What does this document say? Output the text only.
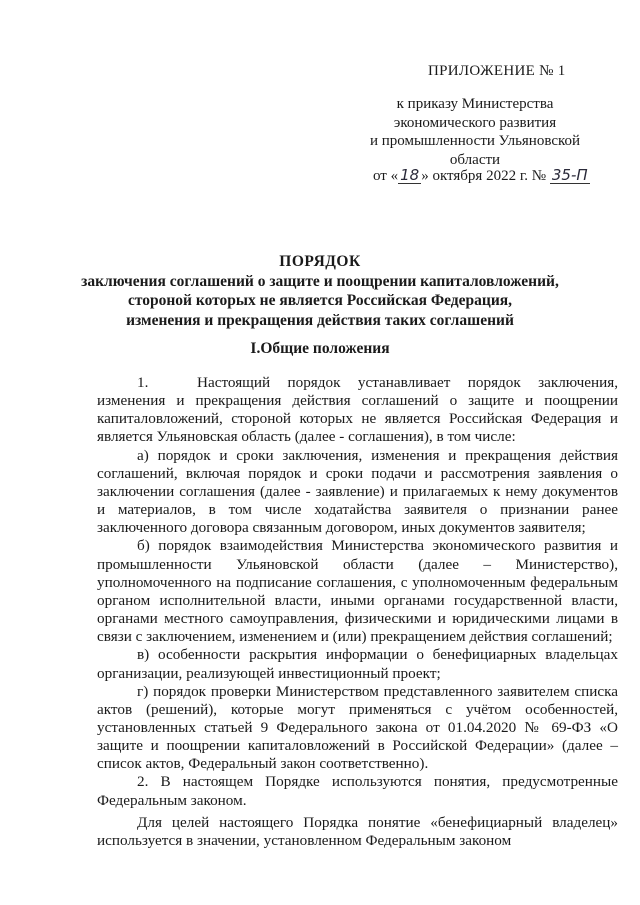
ПРИЛОЖЕНИЕ № 1
к приказу Министерства
экономического развития
и промышленности Ульяновской
области
от « 18 » октября 2022 г. № 35-П
ПОРЯДОК
заключения соглашений о защите и поощрении капиталовложений,
стороной которых не является Российская Федерация,
изменения и прекращения действия таких соглашений
I.Общие положения

1.	Настоящий порядок устанавливает порядок заключения, изменения и прекращения действия соглашений о защите и поощрении капиталовложений, стороной которых не является Российская Федерация и является Ульяновская область (далее - соглашения), в том числе:

а) порядок и сроки заключения, изменения и прекращения действия соглашений, включая порядок и сроки подачи и рассмотрения заявления о заключении соглашения (далее - заявление) и прилагаемых к нему документов и материалов, в том числе ходатайства заявителя о признании ранее заключенного договора связанным договором, иных документов заявителя;

б) порядок взаимодействия Министерства экономического развития и промышленности Ульяновской области (далее – Министерство), уполномоченного на подписание соглашения, с уполномоченным федеральным органом исполнительной власти, иными органами государственной власти, органами местного самоуправления, физическими и юридическими лицами в связи с заключением, изменением и (или) прекращением действия соглашений;

в) особенности раскрытия информации о бенефициарных владельцах организации, реализующей инвестиционный проект;

г) порядок проверки Министерством представленного заявителем списка актов (решений), которые могут применяться с учётом особенностей, установленных статьей 9 Федерального закона от 01.04.2020 № 69-ФЗ «О защите и поощрении капиталовложений в Российской Федерации» (далее – список актов, Федеральный закон соответственно).

2. В настоящем Порядке используются понятия, предусмотренные Федеральным законом.

Для целей настоящего Порядка понятие «бенефициарный владелец» используется в значении, установленном Федеральным законом
